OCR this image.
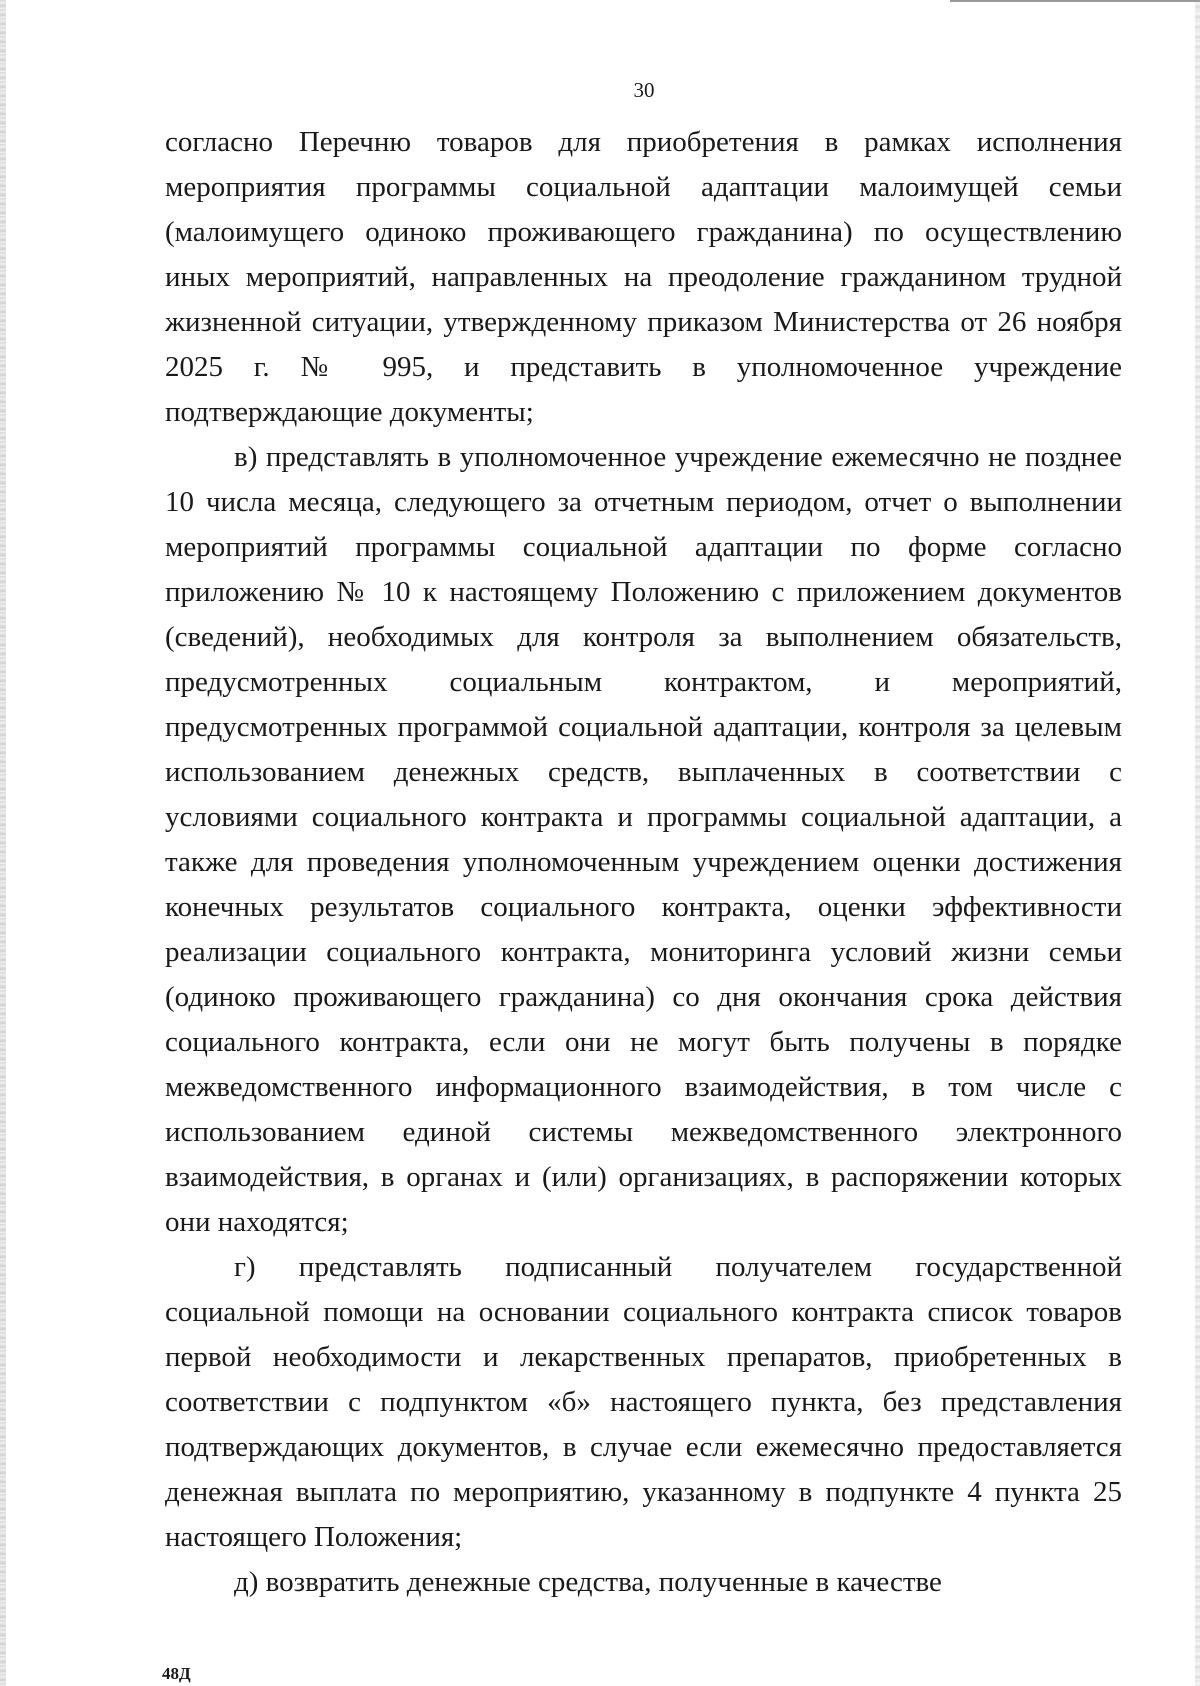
30

согласно Перечню товаров для приобретения в рамках исполнения мероприятия программы социальной адаптации малоимущей семьи (малоимущего одиноко проживающего гражданина) по осуществлению иных мероприятий, направленных на преодоление гражданином трудной жизненной ситуации, утвержденному приказом Министерства от 26 ноября 2025 г. № 995, и представить в уполномоченное учреждение подтверждающие документы;

в) представлять в уполномоченное учреждение ежемесячно не позднее 10 числа месяца, следующего за отчетным периодом, отчет о выполнении мероприятий программы социальной адаптации по форме согласно приложению № 10 к настоящему Положению с приложением документов (сведений), необходимых для контроля за выполнением обязательств, предусмотренных социальным контрактом, и мероприятий, предусмотренных программой социальной адаптации, контроля за целевым использованием денежных средств, выплаченных в соответствии с условиями социального контракта и программы социальной адаптации, а также для проведения уполномоченным учреждением оценки достижения конечных результатов социального контракта, оценки эффективности реализации социального контракта, мониторинга условий жизни семьи (одиноко проживающего гражданина) со дня окончания срока действия социального контракта, если они не могут быть получены в порядке межведомственного информационного взаимодействия, в том числе с использованием единой системы межведомственного электронного взаимодействия, в органах и (или) организациях, в распоряжении которых они находятся;

г) представлять подписанный получателем государственной социальной помощи на основании социального контракта список товаров первой необходимости и лекарственных препаратов, приобретенных в соответствии с подпунктом «б» настоящего пункта, без представления подтверждающих документов, в случае если ежемесячно предоставляется денежная выплата по мероприятию, указанному в подпункте 4 пункта 25 настоящего Положения;

д) возвратить денежные средства, полученные в качестве

48Д
